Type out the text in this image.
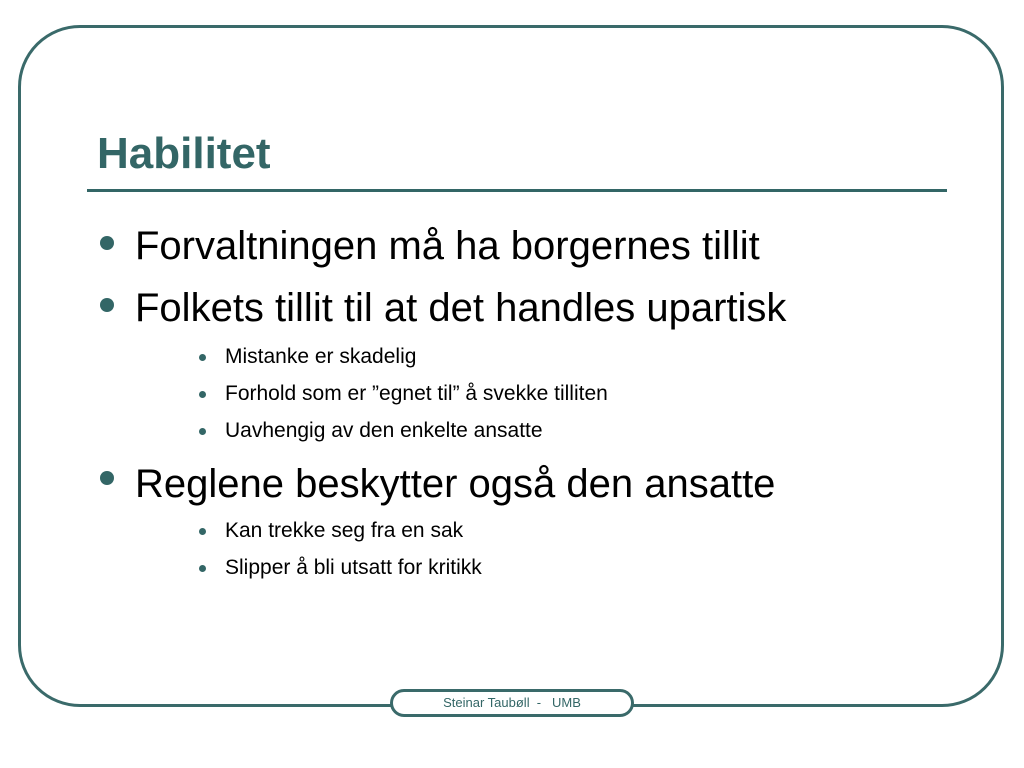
Habilitet
Forvaltningen må ha borgernes tillit
Folkets tillit til at det handles upartisk
Mistanke er skadelig
Forhold som er ”egnet til” å svekke tilliten
Uavhengig av den enkelte ansatte
Reglene beskytter også den ansatte
Kan trekke seg fra en sak
Slipper å bli utsatt for kritikk
Steinar Taubøll  -   UMB
